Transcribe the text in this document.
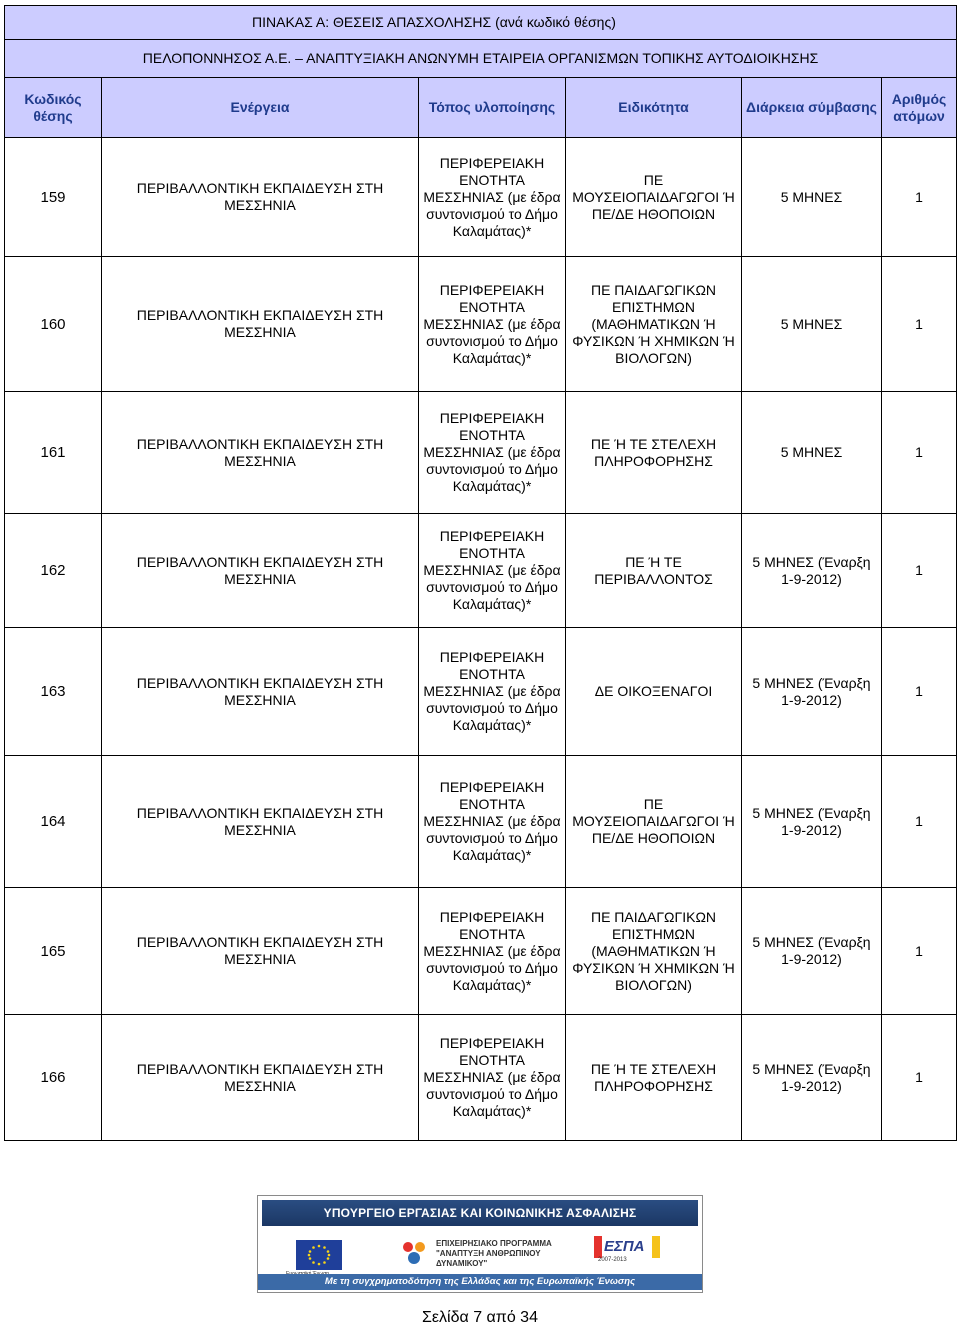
ΠΙΝΑΚΑΣ Α: ΘΕΣΕΙΣ ΑΠΑΣΧΟΛΗΣΗΣ (ανά κωδικό θέσης)					

ΠΕΛΟΠΟΝΝΗΣΟΣ Α.Ε. – ΑΝΑΠΤΥΞΙΑΚΗ ΑΝΩΝΥΜΗ ΕΤΑΙΡΕΙΑ ΟΡΓΑΝΙΣΜΩΝ ΤΟΠΙΚΗΣ ΑΥΤΟΔΙΟΙΚΗΣΗΣ					
Κωδικός θέσης	Ενέργεια	Τόπος υλοποίησης	Ειδικότητα	Διάρκεια σύμβασης	Αριθμός ατόμων
159	ΠΕΡΙΒΑΛΛΟΝΤΙΚΗ ΕΚΠΑΙΔΕΥΣΗ ΣΤΗ ΜΕΣΣΗΝΙΑ	ΠΕΡΙΦΕΡΕΙΑΚΗ ΕΝΟΤΗΤΑ ΜΕΣΣΗΝΙΑΣ (με έδρα συντονισμού το Δήμο Καλαμάτας)*	ΠΕ ΜΟΥΣΕΙΟΠΑΙΔΑΓΩΓΟΙ Ή ΠΕ/ΔΕ ΗΘΟΠΟΙΩΝ	5 ΜΗΝΕΣ	1
160	ΠΕΡΙΒΑΛΛΟΝΤΙΚΗ ΕΚΠΑΙΔΕΥΣΗ ΣΤΗ ΜΕΣΣΗΝΙΑ	ΠΕΡΙΦΕΡΕΙΑΚΗ ΕΝΟΤΗΤΑ ΜΕΣΣΗΝΙΑΣ (με έδρα συντονισμού το Δήμο Καλαμάτας)*	ΠΕ ΠΑΙΔΑΓΩΓΙΚΩΝ ΕΠΙΣΤΗΜΩΝ (ΜΑΘΗΜΑΤΙΚΩΝ Ή ΦΥΣΙΚΩΝ Ή ΧΗΜΙΚΩΝ Ή ΒΙΟΛΟΓΩΝ)	5 ΜΗΝΕΣ	1
161	ΠΕΡΙΒΑΛΛΟΝΤΙΚΗ ΕΚΠΑΙΔΕΥΣΗ ΣΤΗ ΜΕΣΣΗΝΙΑ	ΠΕΡΙΦΕΡΕΙΑΚΗ ΕΝΟΤΗΤΑ ΜΕΣΣΗΝΙΑΣ (με έδρα συντονισμού το Δήμο Καλαμάτας)*	ΠΕ Ή ΤΕ ΣΤΕΛΕΧΗ ΠΛΗΡΟΦΟΡΗΣΗΣ	5 ΜΗΝΕΣ	1
162	ΠΕΡΙΒΑΛΛΟΝΤΙΚΗ ΕΚΠΑΙΔΕΥΣΗ ΣΤΗ ΜΕΣΣΗΝΙΑ	ΠΕΡΙΦΕΡΕΙΑΚΗ ΕΝΟΤΗΤΑ ΜΕΣΣΗΝΙΑΣ (με έδρα συντονισμού το Δήμο Καλαμάτας)*	ΠΕ Ή ΤΕ ΠΕΡΙΒΑΛΛΟΝΤΟΣ	5 ΜΗΝΕΣ (Έναρξη 1-9-2012)	1
163	ΠΕΡΙΒΑΛΛΟΝΤΙΚΗ ΕΚΠΑΙΔΕΥΣΗ ΣΤΗ ΜΕΣΣΗΝΙΑ	ΠΕΡΙΦΕΡΕΙΑΚΗ ΕΝΟΤΗΤΑ ΜΕΣΣΗΝΙΑΣ (με έδρα συντονισμού το Δήμο Καλαμάτας)*	ΔΕ ΟΙΚΟΞΕΝΑΓΟΙ	5 ΜΗΝΕΣ (Έναρξη 1-9-2012)	1
164	ΠΕΡΙΒΑΛΛΟΝΤΙΚΗ ΕΚΠΑΙΔΕΥΣΗ ΣΤΗ ΜΕΣΣΗΝΙΑ	ΠΕΡΙΦΕΡΕΙΑΚΗ ΕΝΟΤΗΤΑ ΜΕΣΣΗΝΙΑΣ (με έδρα συντονισμού το Δήμο Καλαμάτας)*	ΠΕ ΜΟΥΣΕΙΟΠΑΙΔΑΓΩΓΟΙ Ή ΠΕ/ΔΕ ΗΘΟΠΟΙΩΝ	5 ΜΗΝΕΣ (Έναρξη 1-9-2012)	1
165	ΠΕΡΙΒΑΛΛΟΝΤΙΚΗ ΕΚΠΑΙΔΕΥΣΗ ΣΤΗ ΜΕΣΣΗΝΙΑ	ΠΕΡΙΦΕΡΕΙΑΚΗ ΕΝΟΤΗΤΑ ΜΕΣΣΗΝΙΑΣ (με έδρα συντονισμού το Δήμο Καλαμάτας)*	ΠΕ ΠΑΙΔΑΓΩΓΙΚΩΝ ΕΠΙΣΤΗΜΩΝ (ΜΑΘΗΜΑΤΙΚΩΝ Ή ΦΥΣΙΚΩΝ Ή ΧΗΜΙΚΩΝ Ή ΒΙΟΛΟΓΩΝ)	5 ΜΗΝΕΣ (Έναρξη 1-9-2012)	1
166	ΠΕΡΙΒΑΛΛΟΝΤΙΚΗ ΕΚΠΑΙΔΕΥΣΗ ΣΤΗ ΜΕΣΣΗΝΙΑ	ΠΕΡΙΦΕΡΕΙΑΚΗ ΕΝΟΤΗΤΑ ΜΕΣΣΗΝΙΑΣ (με έδρα συντονισμού το Δήμο Καλαμάτας)*	ΠΕ Ή ΤΕ ΣΤΕΛΕΧΗ ΠΛΗΡΟΦΟΡΗΣΗΣ	5 ΜΗΝΕΣ (Έναρξη 1-9-2012)	1
ΥΠΟΥΡΓΕΙΟ ΕΡΓΑΣΙΑΣ ΚΑΙ ΚΟΙΝΩΝΙΚΗΣ ΑΣΦΑΛΙΣΗΣ
ΕΠΙΧΕΙΡΗΣΙΑΚΟ ΠΡΟΓΡΑΜΜΑ "ΑΝΑΠΤΥΞΗ ΑΝΘΡΩΠΙΝΟΥ ΔΥΝΑΜΙΚΟΥ"
ΕΣΠΑ
2007-2013
Με τη συγχρηματοδότηση της Ελλάδας και της Ευρωπαϊκής Ένωσης
Σελίδα 7 από 34
